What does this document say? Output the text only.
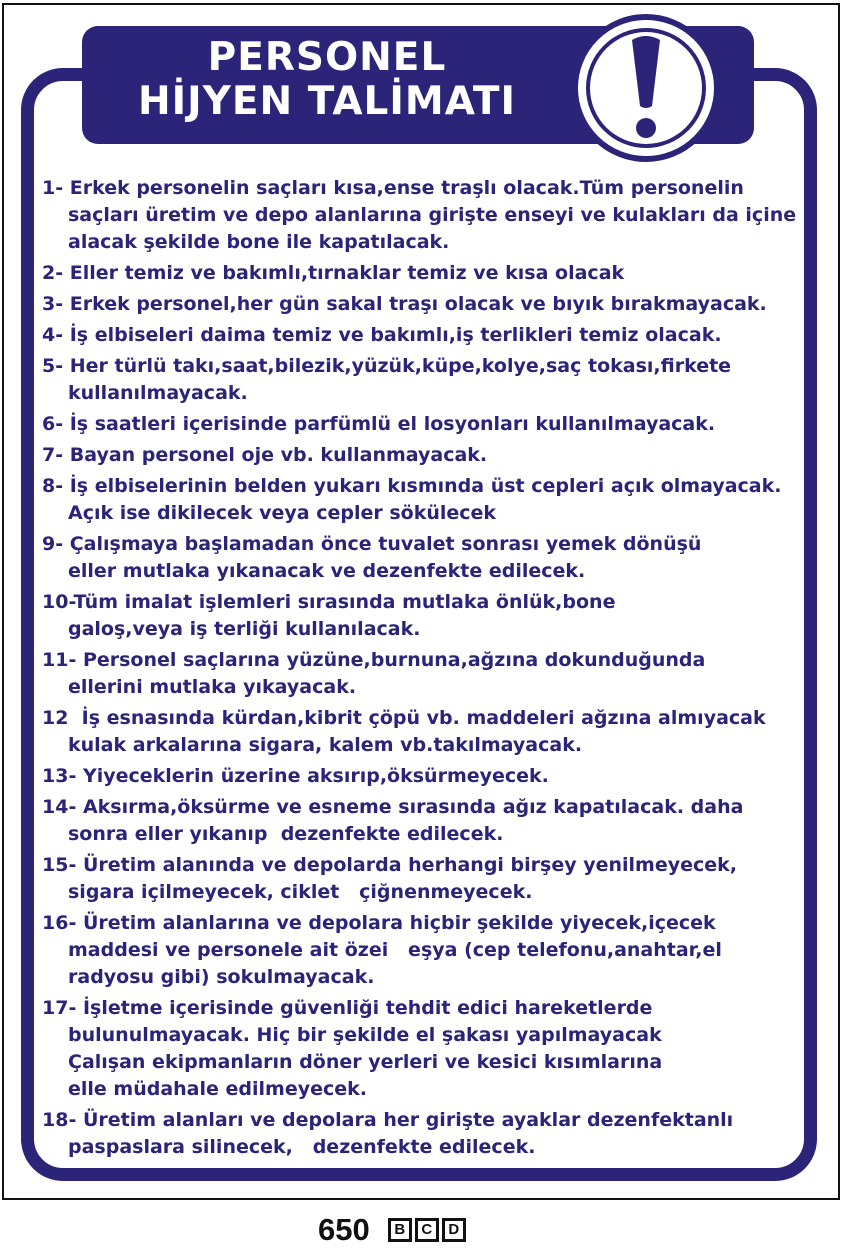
PERSONEL
HİJYEN TALİMATI
1- Erkek personelin saçları kısa,ense traşlı olacak.Tüm personelin
saçları üretim ve depo alanlarına girişte enseyi ve kulakları da içine
alacak şekilde bone ile kapatılacak.
2- Eller temiz ve bakımlı,tırnaklar temiz ve kısa olacak
3- Erkek personel,her gün sakal traşı olacak ve bıyık bırakmayacak.
4- İş elbiseleri daima temiz ve bakımlı,iş terlikleri temiz olacak.
5- Her türlü takı,saat,bilezik,yüzük,küpe,kolye,saç tokası,firkete
kullanılmayacak.
6- İş saatleri içerisinde parfümlü el losyonları kullanılmayacak.
7- Bayan personel oje vb. kullanmayacak.
8- İş elbiselerinin belden yukarı kısmında üst cepleri açık olmayacak.
Açık ise dikilecek veya cepler sökülecek
9- Çalışmaya başlamadan önce tuvalet sonrası yemek dönüşü
eller mutlaka yıkanacak ve dezenfekte edilecek.
10-Tüm imalat işlemleri sırasında mutlaka önlük,bone
galoş,veya iş terliği kullanılacak.
11- Personel saçlarına yüzüne,burnuna,ağzına dokunduğunda
ellerini mutlaka yıkayacak.
12  İş esnasında kürdan,kibrit çöpü vb. maddeleri ağzına almıyacak
kulak arkalarına sigara, kalem vb.takılmayacak.
13- Yiyeceklerin üzerine aksırıp,öksürmeyecek.
14- Aksırma,öksürme ve esneme sırasında ağız kapatılacak. daha
sonra eller yıkanıp  dezenfekte edilecek.
15- Üretim alanında ve depolarda herhangi birşey yenilmeyecek,
sigara içilmeyecek, ciklet   çiğnenmeyecek.
16- Üretim alanlarına ve depolara hiçbir şekilde yiyecek,içecek
maddesi ve personele ait özei   eşya (cep telefonu,anahtar,el
radyosu gibi) sokulmayacak.
17- İşletme içerisinde güvenliği tehdit edici hareketlerde
bulunulmayacak. Hiç bir şekilde el şakası yapılmayacak
Çalışan ekipmanların döner yerleri ve kesici kısımlarına
elle müdahale edilmeyecek.
18- Üretim alanları ve depolara her girişte ayaklar dezenfektanlı
paspaslara silinecek,   dezenfekte edilecek.
650	B	C	D
